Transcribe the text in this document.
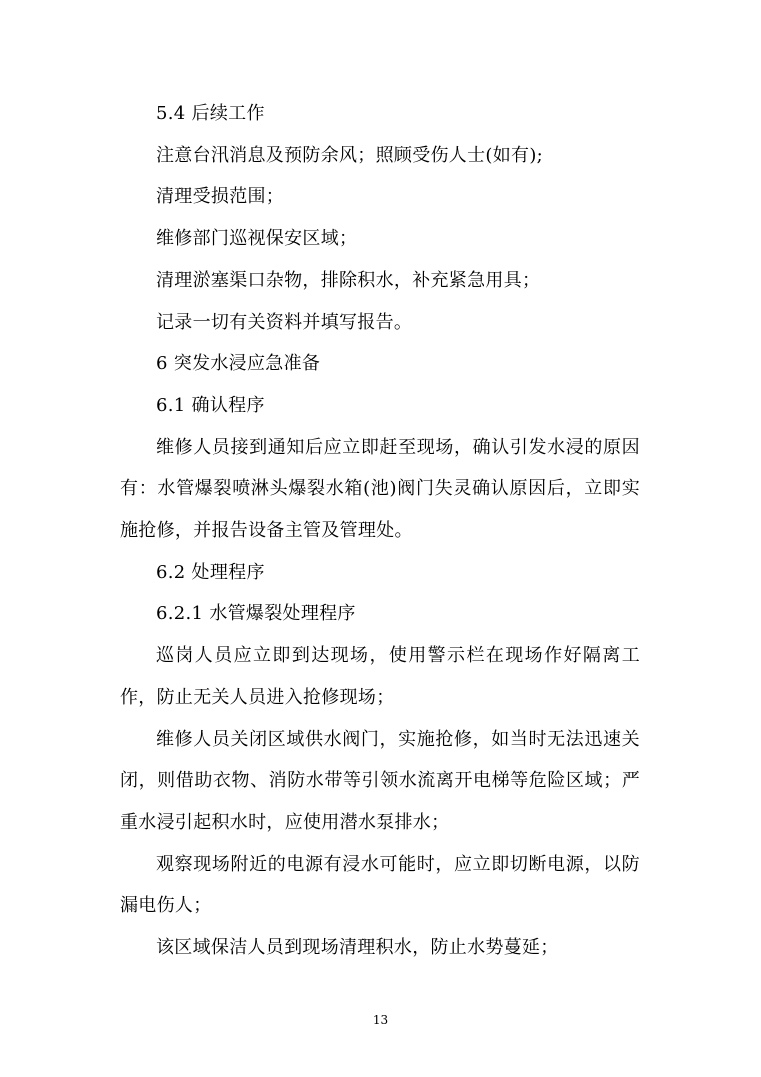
5.4 后续工作

注意台汛消息及预防余风；照顾受伤人士(如有);

清理受损范围；

维修部门巡视保安区域；

清理淤塞渠口杂物，排除积水，补充紧急用具；

记录一切有关资料并填写报告。

6 突发水浸应急准备

6.1 确认程序

维修人员接到通知后应立即赶至现场，确认引发水浸的原因有：水管爆裂喷淋头爆裂水箱(池)阀门失灵确认原因后，立即实施抢修，并报告设备主管及管理处。

6.2 处理程序

6.2.1 水管爆裂处理程序

巡岗人员应立即到达现场，使用警示栏在现场作好隔离工作，防止无关人员进入抢修现场；

维修人员关闭区域供水阀门，实施抢修，如当时无法迅速关闭，则借助衣物、消防水带等引领水流离开电梯等危险区域；严重水浸引起积水时，应使用潜水泵排水；

观察现场附近的电源有浸水可能时，应立即切断电源，以防漏电伤人；

该区域保洁人员到现场清理积水，防止水势蔓延；

13
